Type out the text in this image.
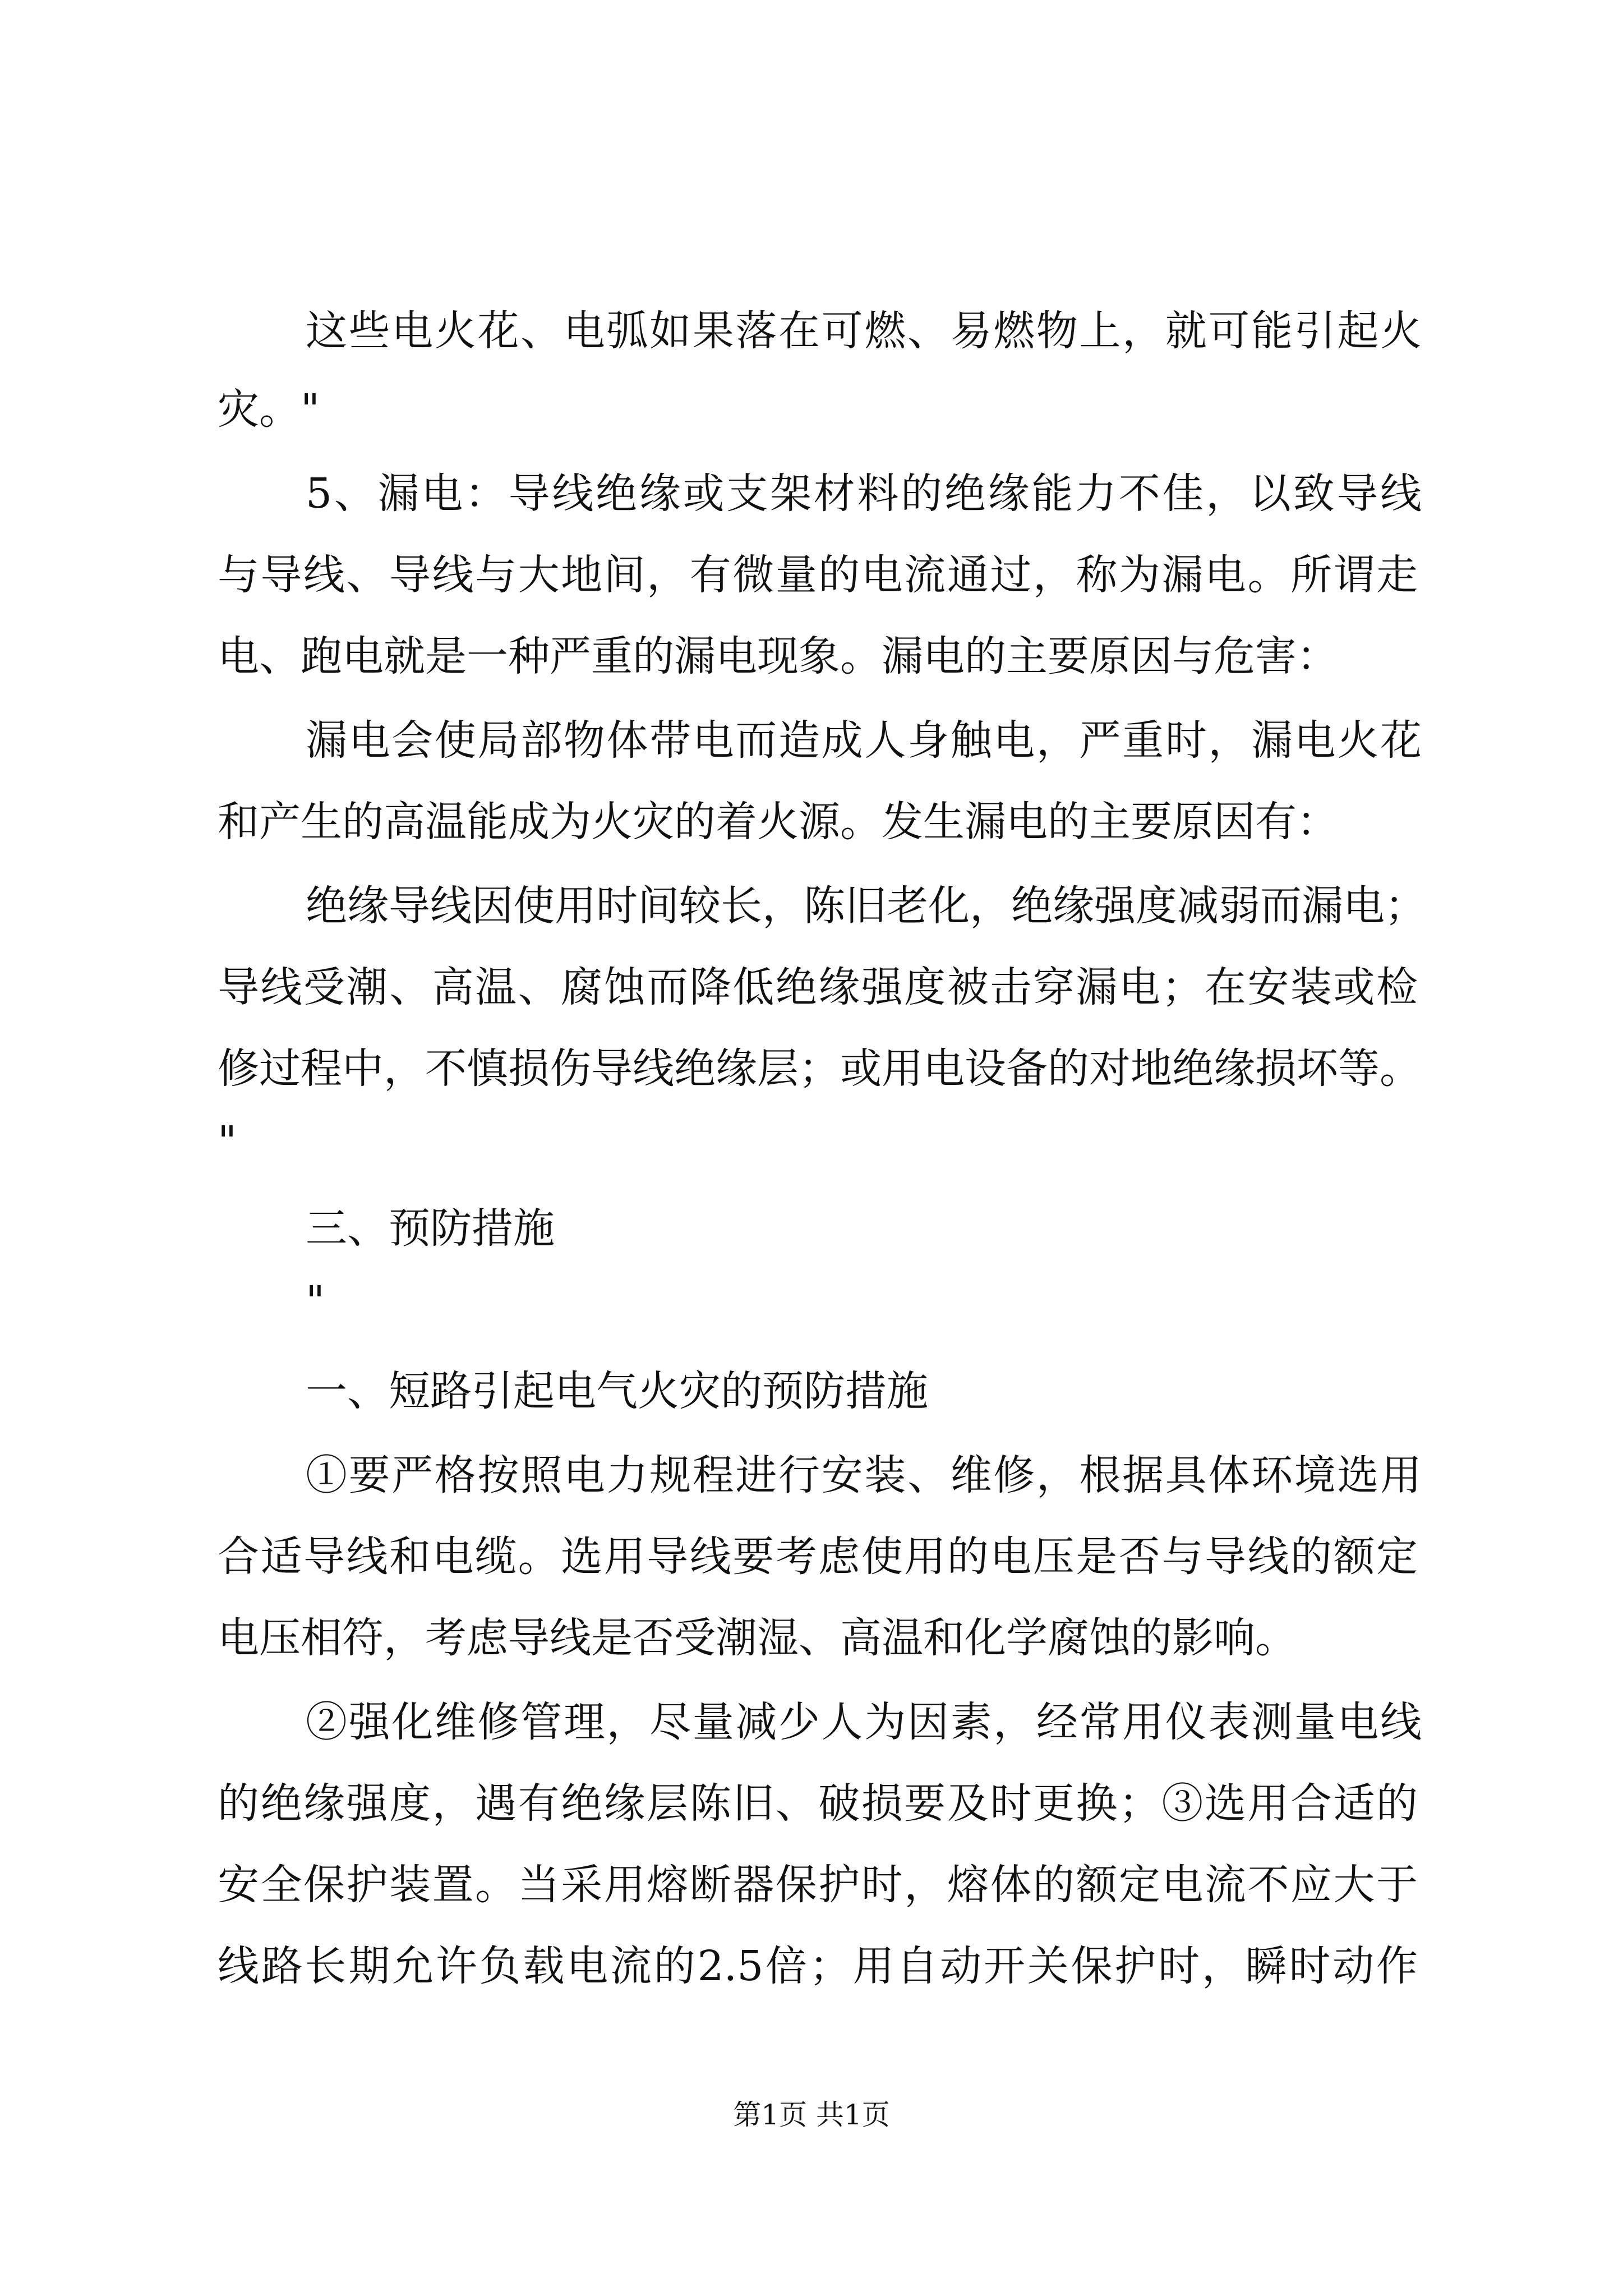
这些电火花、电弧如果落在可燃、易燃物上，就可能引起火
灾。"
5、漏电：导线绝缘或支架材料的绝缘能力不佳，以致导线
与导线、导线与大地间，有微量的电流通过，称为漏电。所谓走
电、跑电就是一种严重的漏电现象。漏电的主要原因与危害：
漏电会使局部物体带电而造成人身触电，严重时，漏电火花
和产生的高温能成为火灾的着火源。发生漏电的主要原因有：
绝缘导线因使用时间较长，陈旧老化，绝缘强度减弱而漏电；
导线受潮、高温、腐蚀而降低绝缘强度被击穿漏电；在安装或检
修过程中，不慎损伤导线绝缘层；或用电设备的对地绝缘损坏等。
"
三、预防措施
"
一、短路引起电气火灾的预防措施
①要严格按照电力规程进行安装、维修，根据具体环境选用
合适导线和电缆。选用导线要考虑使用的电压是否与导线的额定
电压相符，考虑导线是否受潮湿、高温和化学腐蚀的影响。
②强化维修管理，尽量减少人为因素，经常用仪表测量电线
的绝缘强度，遇有绝缘层陈旧、破损要及时更换；③选用合适的
安全保护装置。当采用熔断器保护时，熔体的额定电流不应大于
线路长期允许负载电流的2.5倍；用自动开关保护时，瞬时动作
第1页 共1页
